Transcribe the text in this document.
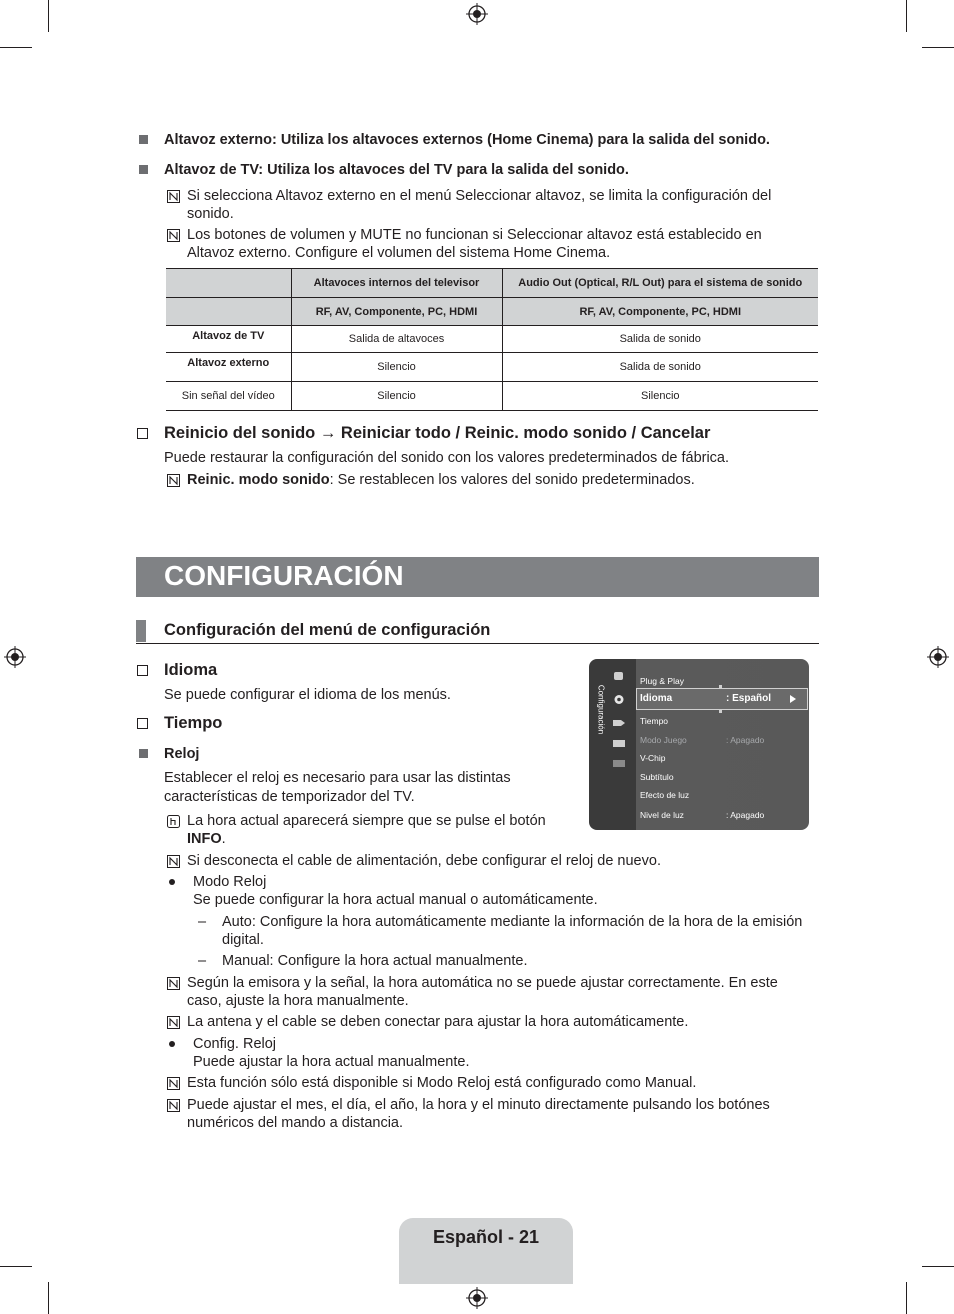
Altavoz externo: Utiliza los altavoces externos (Home Cinema) para la salida del sonido.
Altavoz de TV: Utiliza los altavoces del TV para la salida del sonido.
Si selecciona Altavoz externo en el menú Seleccionar altavoz, se limita la configuración del
sonido.
Los botones de volumen y MUTE no funcionan si Seleccionar altavoz está establecido en
Altavoz externo. Configure el volumen del sistema Home Cinema.
	Altavoces internos del televisor	Audio Out (Optical, R/L Out) para el sistema de sonido
	RF, AV, Componente, PC, HDMI	RF, AV, Componente, PC, HDMI
Altavoz de TV	Salida de altavoces	Salida de sonido
Altavoz externo	Silencio	Salida de sonido
Sin señal del vídeo	Silencio	Silencio
Reinicio del sonido → Reiniciar todo / Reinic. modo sonido / Cancelar
Puede restaurar la configuración del sonido con los valores predeterminados de fábrica.
Reinic. modo sonido: Se restablecen los valores del sonido predeterminados.
CONFIGURACIÓN
Configuración del menú de configuración
Idioma
Se puede configurar el idioma de los menús.
Tiempo
Reloj
Establecer el reloj es necesario para usar las distintas
características de temporizador del TV.
La hora actual aparecerá siempre que se pulse el botón
INFO.
Si desconecta el cable de alimentación, debe configurar el reloj de nuevo.
Modo Reloj
Se puede configurar la hora actual manual o automáticamente.
– Auto: Configure la hora automáticamente mediante la información de la hora de la emisión
digital.
– Manual: Configure la hora actual manualmente.
Según la emisora y la señal, la hora automática no se puede ajustar correctamente. En este
caso, ajuste la hora manualmente.
La antena y el cable se deben conectar para ajustar la hora automáticamente.
Config. Reloj
Puede ajustar la hora actual manualmente.
Esta función sólo está disponible si Modo Reloj está configurado como Manual.
Puede ajustar el mes, el día, el año, la hora y el minuto directamente pulsando los botónes
numéricos del mando a distancia.
Configuración
Plug & Play
Idioma	: Español
Tiempo
Modo Juego	: Apagado
V-Chip
Subtítulo
Efecto de luz
Nivel de luz	: Apagado
Español - 21
